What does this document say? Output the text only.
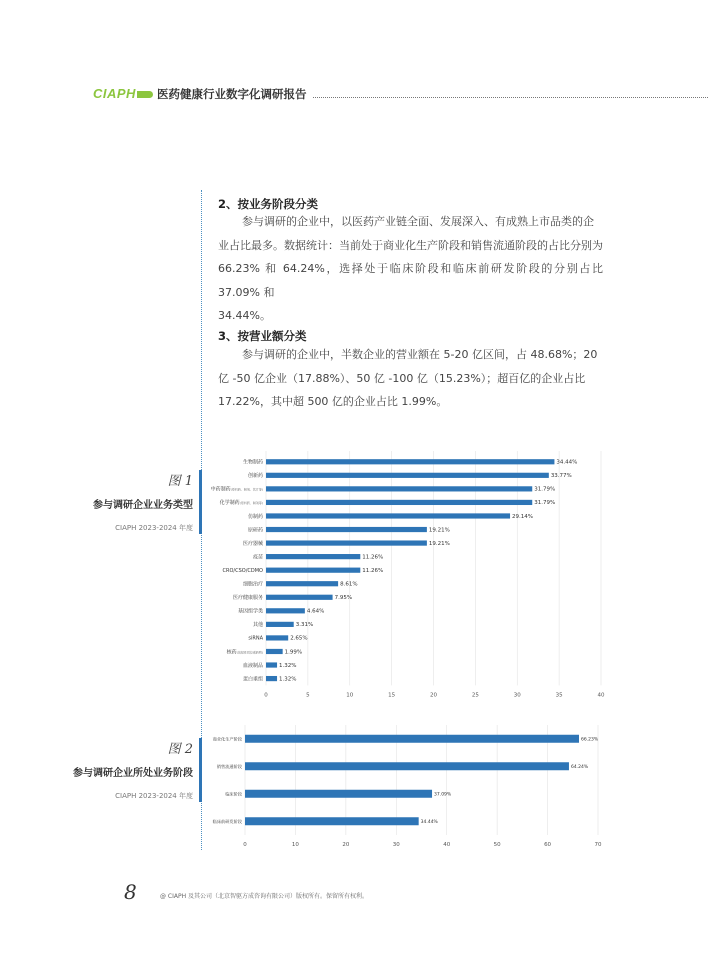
CIAPH 医药健康行业数字化调研报告
2、按业务阶段分类

参与调研的企业中，以医药产业链全面、发展深入、有成熟上市品类的企
业占比最多。数据统计：当前处于商业化生产阶段和销售流通阶段的占比分别为
66.23% 和 64.24%，选择处于临床阶段和临床前研发阶段的分别占比 37.09% 和
34.44%。

3、按营业额分类

参与调研的企业中，半数企业的营业额在 5-20 亿区间，占 48.68%；20
亿 -50 亿企业（17.88%）、50 亿 -100 亿（15.23%）；超百亿的企业占比
17.22%，其中超 500 亿的企业占比 1.99%。

图 1
参与调研企业业务类型
CIAPH 2023-2024 年度
0	5	10	15	20	25	30	35	40
生物制药	34.44%
创新药	33.77%
中药制药(原料药、制剂、饮片等)	31.79%
化学制药(原料药、制剂等)	31.79%
仿制药	29.14%
原研药	19.21%
医疗器械	19.21%
疫苗	11.26%
CRO/CSO/CDMO	11.26%
细胞治疗	8.61%
医疗健康服务	7.95%
基因组学类	4.64%
其他	3.31%
siRNA	2.65%
核药(放射性同位素药物)	1.99%
血液制品	1.32%
蛋白重组	1.32%
图 2
参与调研企业所处业务阶段
CIAPH 2023-2024 年度
0	10	20	30	40	50	60	70
商业化生产阶段	66.23%
销售流通阶段	64.24%
临床阶段	37.09%
临床前研发阶段	34.44%
8	@ CIAPH 及其公司（北京智驱方成咨询有限公司）版权所有。保留所有权利。
